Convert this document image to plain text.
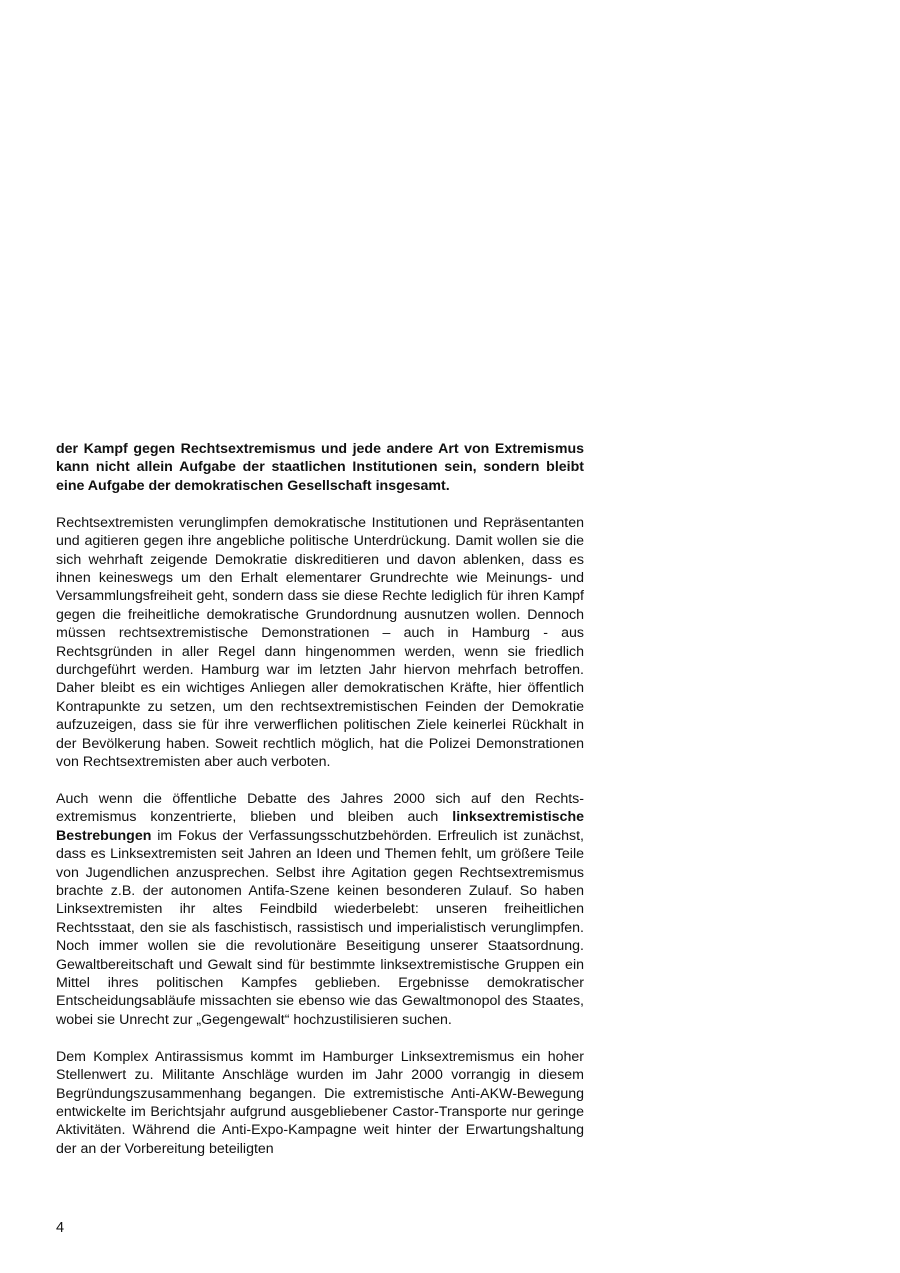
der Kampf gegen Rechtsextremismus und jede andere Art von Extremismus kann nicht allein Aufgabe der staatlichen Institutionen sein, sondern bleibt eine Aufgabe der demokratischen Gesellschaft insgesamt.

Rechtsextremisten verunglimpfen demokratische Institutionen und Repräsentanten und agitieren gegen ihre angebliche politische Unterdrückung. Damit wollen sie die sich wehrhaft zeigende Demokratie diskreditieren und davon ablenken, dass es ihnen keineswegs um den Erhalt elementarer Grundrechte wie Meinungs- und Versammlungsfreiheit geht, sondern dass sie diese Rechte lediglich für ihren Kampf gegen die freiheitliche demokratische Grundordnung ausnutzen wollen. Dennoch müssen rechtsextremistische Demonstrationen – auch in Hamburg - aus Rechtsgründen in aller Regel dann hingenommen werden, wenn sie friedlich durchgeführt werden. Hamburg war im letzten Jahr hiervon mehrfach betroffen. Daher bleibt es ein wichtiges Anliegen aller demokratischen Kräfte, hier öffentlich Kontrapunkte zu setzen, um den rechtsextremistischen Feinden der Demokratie aufzuzeigen, dass sie für ihre verwerflichen politischen Ziele keinerlei Rückhalt in der Bevölkerung haben. Soweit rechtlich möglich, hat die Polizei Demonstrationen von Rechtsextremisten aber auch verboten.

Auch wenn die öffentliche Debatte des Jahres 2000 sich auf den Rechtsextremismus konzentrierte, blieben und bleiben auch linksextremistische Bestrebungen im Fokus der Verfassungsschutzbehörden. Erfreulich ist zunächst, dass es Linksextremisten seit Jahren an Ideen und Themen fehlt, um größere Teile von Jugendlichen anzusprechen. Selbst ihre Agitation gegen Rechtsextremismus brachte z.B. der autonomen Antifa-Szene keinen besonderen Zulauf. So haben Linksextremisten ihr altes Feindbild wiederbelebt: unseren freiheitlichen Rechtsstaat, den sie als faschistisch, rassistisch und imperialistisch verunglimpfen. Noch immer wollen sie die revolutionäre Beseitigung unserer Staatsordnung. Gewaltbereitschaft und Gewalt sind für bestimmte linksextremistische Gruppen ein Mittel ihres politischen Kampfes geblieben. Ergebnisse demokratischer Entscheidungsabläufe missachten sie ebenso wie das Gewaltmonopol des Staates, wobei sie Unrecht zur „Gegengewalt“ hochzustilisieren suchen.

Dem Komplex Antirassismus kommt im Hamburger Linksextremismus ein hoher Stellenwert zu. Militante Anschläge wurden im Jahr 2000 vorrangig in diesem Begründungszusammenhang begangen. Die extremistische Anti-AKW-Bewegung entwickelte im Berichtsjahr aufgrund ausgebliebener Castor-Transporte nur geringe Aktivitäten. Während die Anti-Expo-Kampagne weit hinter der Erwartungshaltung der an der Vorbereitung beteiligten

4
